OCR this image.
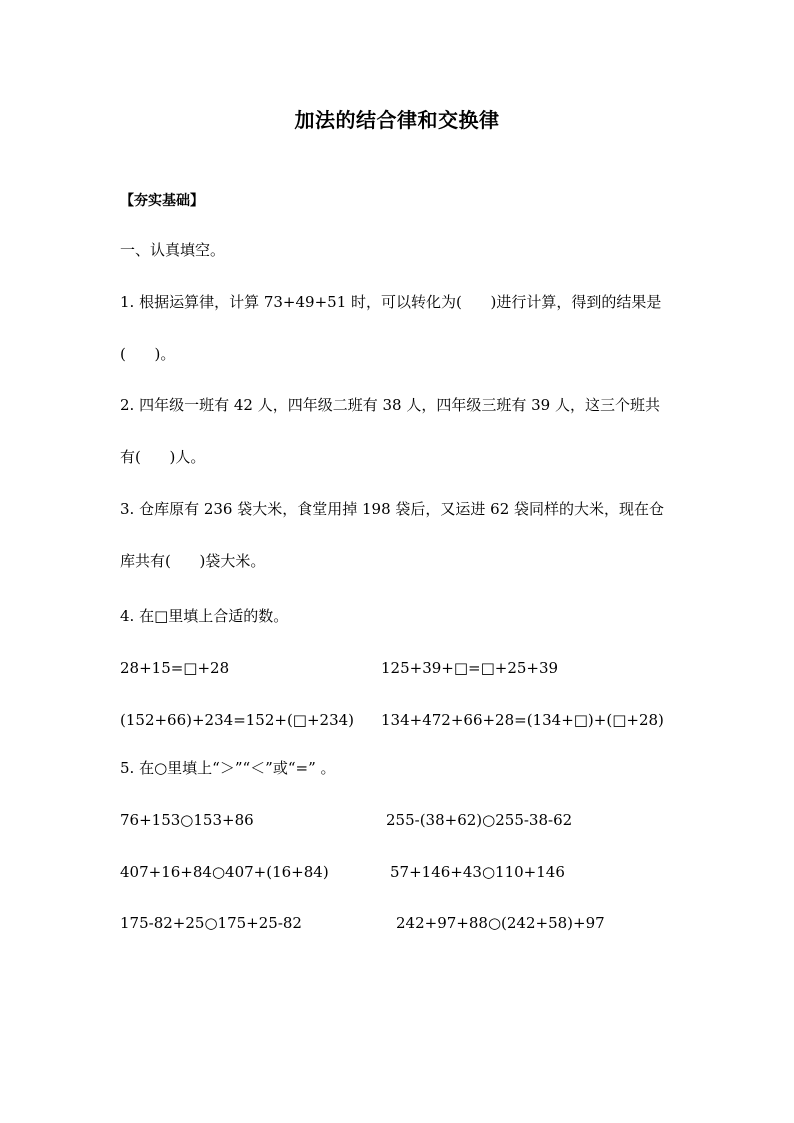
加法的结合律和交换律
【夯实基础】
一、认真填空。
1. 根据运算律，计算 73+49+51 时，可以转化为(      )进行计算，得到的结果是
(      )。
2. 四年级一班有 42 人，四年级二班有 38 人，四年级三班有 39 人，这三个班共
有(      )人。
3. 仓库原有 236 袋大米，食堂用掉 198 袋后，又运进 62 袋同样的大米，现在仓
库共有(      )袋大米。
4. 在□里填上合适的数。
28+15=□+28	125+39+□=□+25+39
(152+66)+234=152+(□+234) 134+472+66+28=(134+□)+(□+28)
5. 在○里填上“＞”“＜”或“=” 。
76+153○153+86	255-(38+62)○255-38-62
407+16+84○407+(16+84)	57+146+43○110+146
175-82+25○175+25-82	242+97+88○(242+58)+97
